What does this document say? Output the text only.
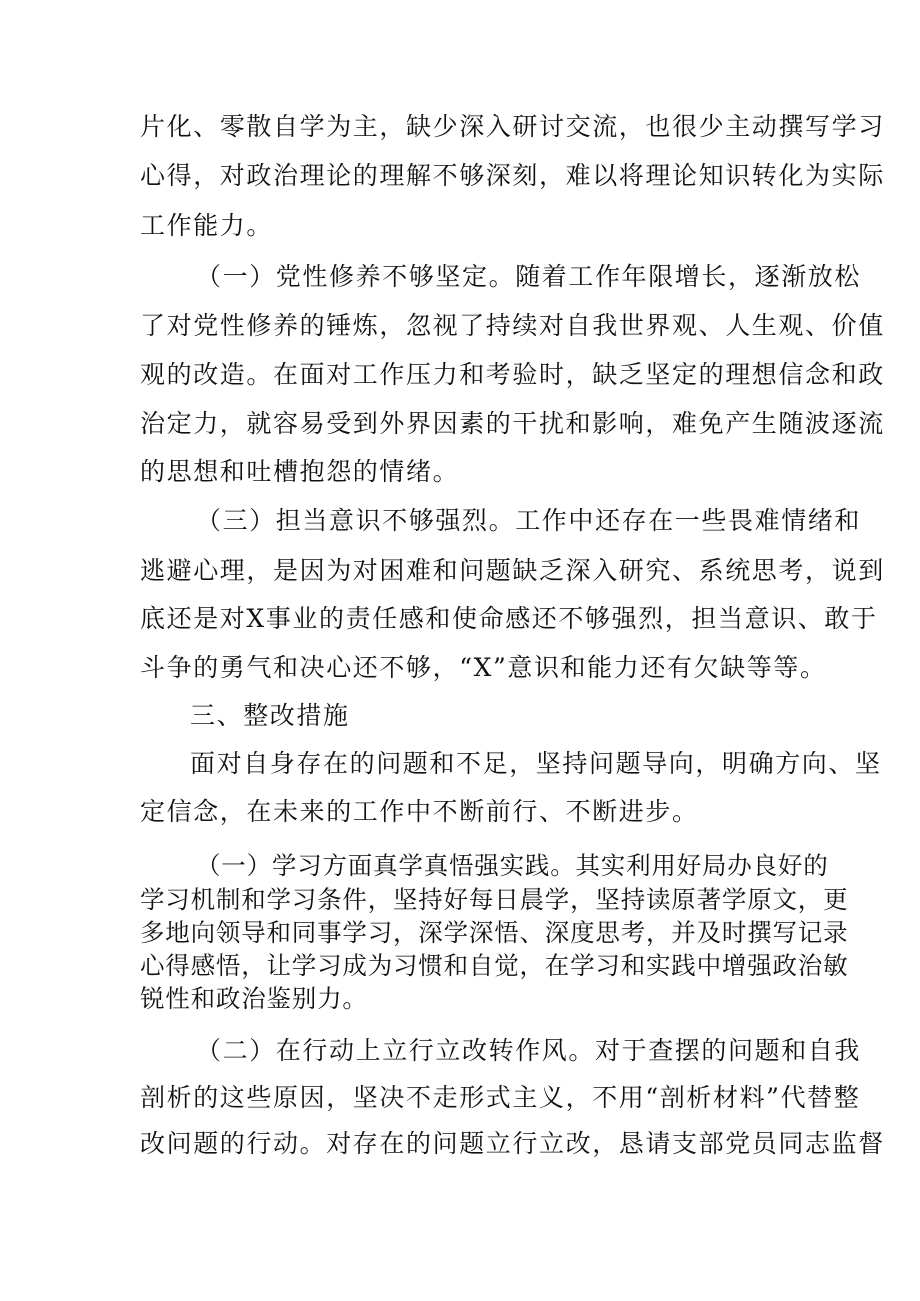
片化、零散自学为主，缺少深入研讨交流，也很少主动撰写学习

心得，对政治理论的理解不够深刻，难以将理论知识转化为实际

工作能力。

（一）党性修养不够坚定。随着工作年限增长，逐渐放松

了对党性修养的锤炼，忽视了持续对自我世界观、人生观、价值

观的改造。在面对工作压力和考验时，缺乏坚定的理想信念和政

治定力，就容易受到外界因素的干扰和影响，难免产生随波逐流

的思想和吐槽抱怨的情绪。

（三）担当意识不够强烈。工作中还存在一些畏难情绪和

逃避心理，是因为对困难和问题缺乏深入研究、系统思考，说到

底还是对X事业的责任感和使命感还不够强烈，担当意识、敢于

斗争的勇气和决心还不够，“X”意识和能力还有欠缺等等。

三、整改措施

面对自身存在的问题和不足，坚持问题导向，明确方向、坚

定信念，在未来的工作中不断前行、不断进步。

（一）学习方面真学真悟强实践。其实利用好局办良好的

学习机制和学习条件，坚持好每日晨学，坚持读原著学原文，更

多地向领导和同事学习，深学深悟、深度思考，并及时撰写记录

心得感悟，让学习成为习惯和自觉，在学习和实践中增强政治敏

锐性和政治鉴别力。

（二）在行动上立行立改转作风。对于查摆的问题和自我

剖析的这些原因，坚决不走形式主义，不用“剖析材料”代替整

改问题的行动。对存在的问题立行立改，恳请支部党员同志监督
